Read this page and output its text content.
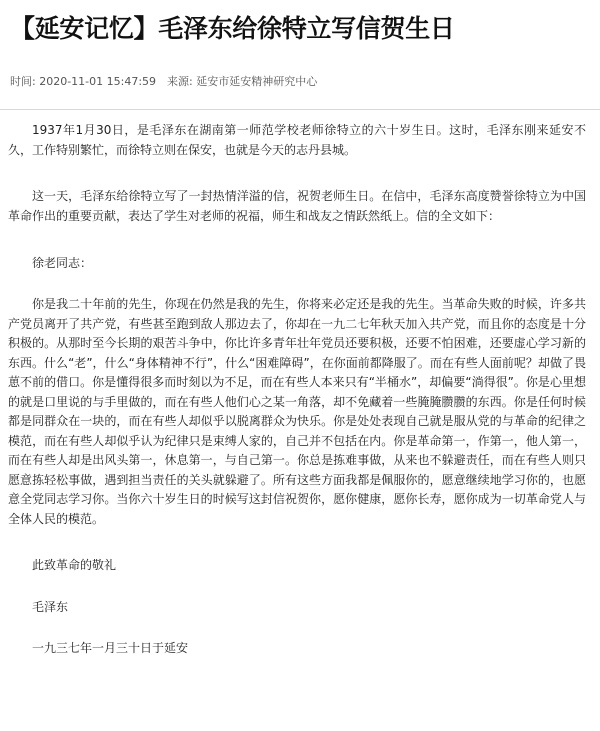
【延安记忆】毛泽东给徐特立写信贺生日
时间: 2020-11-01 15:47:59 来源: 延安市延安精神研究中心

1937年1月30日，是毛泽东在湖南第一师范学校老师徐特立的六十岁生日。这时，毛泽东刚来延安不久，工作特别繁忙，而徐特立则在保安，也就是今天的志丹县城。

这一天，毛泽东给徐特立写了一封热情洋溢的信，祝贺老师生日。在信中，毛泽东高度赞誉徐特立为中国革命作出的重要贡献，表达了学生对老师的祝福，师生和战友之情跃然纸上。信的全文如下：

徐老同志：

你是我二十年前的先生，你现在仍然是我的先生，你将来必定还是我的先生。当革命失败的时候，许多共产党员离开了共产党，有些甚至跑到敌人那边去了，你却在一九二七年秋天加入共产党，而且你的态度是十分积极的。从那时至今长期的艰苦斗争中，你比许多青年壮年党员还要积极，还要不怕困难，还要虚心学习新的东西。什么“老”，什么“身体精神不行”，什么“困难障碍”，在你面前都降服了。而在有些人面前呢？却做了畏葸不前的借口。你是懂得很多而时刻以为不足，而在有些人本来只有“半桶水”，却偏要“淌得很”。你是心里想的就是口里说的与手里做的，而在有些人他们心之某一角落，却不免藏着一些腌腌臜臜的东西。你是任何时候都是同群众在一块的，而在有些人却似乎以脱离群众为快乐。你是处处表现自己就是服从党的与革命的纪律之模范，而在有些人却似乎认为纪律只是束缚人家的，自己并不包括在内。你是革命第一，作第一，他人第一，而在有些人却是出风头第一，休息第一，与自己第一。你总是拣难事做，从来也不躲避责任，而在有些人则只愿意拣轻松事做，遇到担当责任的关头就躲避了。所有这些方面我都是佩服你的，愿意继续地学习你的，也愿意全党同志学习你。当你六十岁生日的时候写这封信祝贺你，愿你健康，愿你长寿，愿你成为一切革命党人与全体人民的模范。

此致革命的敬礼

毛泽东

一九三七年一月三十日于延安
